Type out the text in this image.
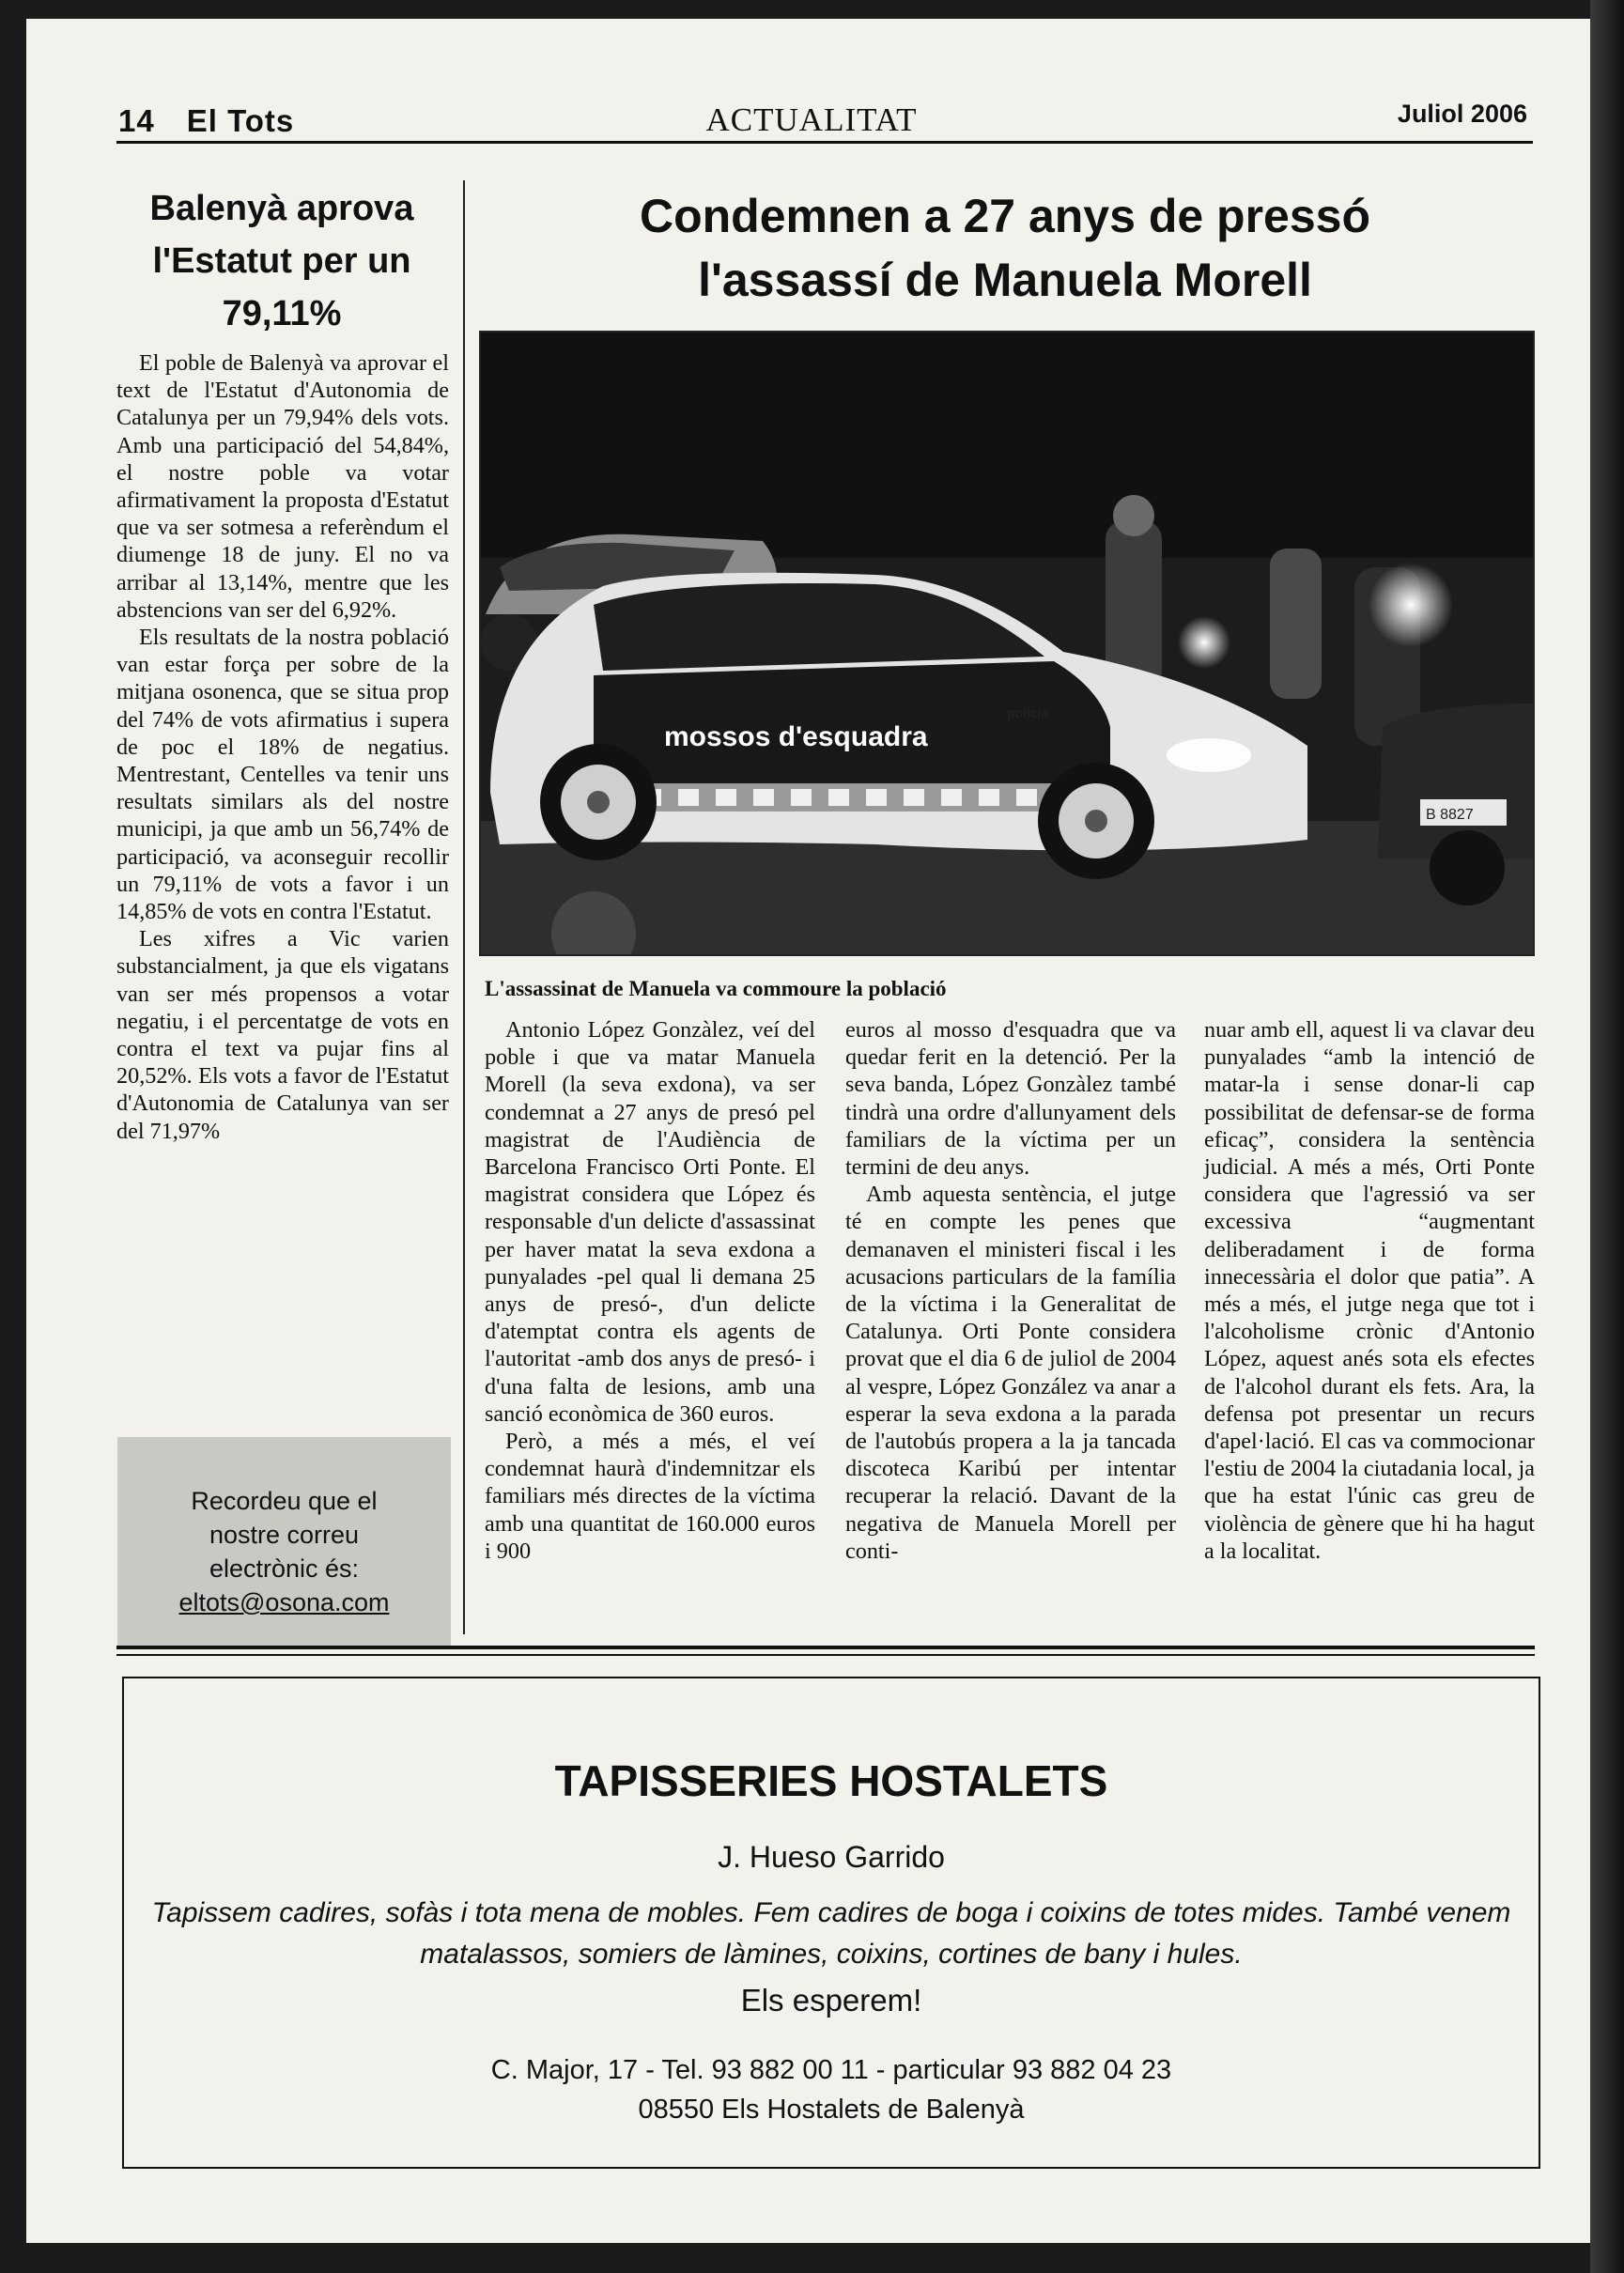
14 El Tots	ACTUALITAT	Juliol 2006
Balenyà aprova l'Estatut per un 79,11%

El poble de Balenyà va aprovar el text de l'Estatut d'Autonomia de Catalunya per un 79,94% dels vots. Amb una participació del 54,84%, el nostre poble va votar afirmativament la proposta d'Estatut que va ser sotmesa a referèndum el diumenge 18 de juny. El no va arribar al 13,14%, mentre que les abstencions van ser del 6,92%.

Els resultats de la nostra població van estar força per sobre de la mitjana osonenca, que se situa prop del 74% de vots afirmatius i supera de poc el 18% de negatius. Mentrestant, Centelles va tenir uns resultats similars als del nostre municipi, ja que amb un 56,74% de participació, va aconseguir recollir un 79,11% de vots a favor i un 14,85% de vots en contra l'Estatut.

Les xifres a Vic varien substancialment, ja que els vigatans van ser més propensos a votar negatiu, i el percentatge de vots en contra el text va pujar fins al 20,52%. Els vots a favor de l'Estatut d'Autonomia de Catalunya van ser del 71,97%

Recordeu que el
nostre correu
electrònic és:
eltots@osona.com
Condemnen a 27 anys de pressó
l'assassí de Manuela Morell
mossos d'esquadra
policia
B 8827
L'assassinat de Manuela va commoure la població

Antonio López Gonzàlez, veí del poble i que va matar Manuela Morell (la seva exdona), va ser condemnat a 27 anys de presó pel magistrat de l'Audiència de Barcelona Francisco Orti Ponte. El magistrat considera que López és responsable d'un delicte d'assassinat per haver matat la seva exdona a punyalades -pel qual li demana 25 anys de presó-, d'un delicte d'atemptat contra els agents de l'autoritat -amb dos anys de presó- i d'una falta de lesions, amb una sanció econòmica de 360 euros.

Però, a més a més, el veí condemnat haurà d'indemnitzar els familiars més directes de la víctima amb una quantitat de 160.000 euros i 900

euros al mosso d'esquadra que va quedar ferit en la detenció. Per la seva banda, López Gonzàlez també tindrà una ordre d'allunyament dels familiars de la víctima per un termini de deu anys.

Amb aquesta sentència, el jutge té en compte les penes que demanaven el ministeri fiscal i les acusacions particulars de la família de la víctima i la Generalitat de Catalunya. Orti Ponte considera provat que el dia 6 de juliol de 2004 al vespre, López González va anar a esperar la seva exdona a la parada de l'autobús propera a la ja tancada discoteca Karibú per intentar recuperar la relació. Davant de la negativa de Manuela Morell per conti-

nuar amb ell, aquest li va clavar deu punyalades “amb la intenció de matar-la i sense donar-li cap possibilitat de defensar-se de forma eficaç”, considera la sentència judicial. A més a més, Orti Ponte considera que l'agressió va ser excessiva “augmentant deliberadament i de forma innecessària el dolor que patia”. A més a més, el jutge nega que tot i l'alcoholisme crònic d'Antonio López, aquest anés sota els efectes de l'alcohol durant els fets. Ara, la defensa pot presentar un recurs d'apel·lació. El cas va commocionar l'estiu de 2004 la ciutadania local, ja que ha estat l'únic cas greu de violència de gènere que hi ha hagut a la localitat.

TAPISSERIES HOSTALETS
J. Hueso Garrido
Tapissem cadires, sofàs i tota mena de mobles. Fem cadires de boga i coixins de totes mides. També venem matalassos, somiers de làmines, coixins, cortines de bany i hules.
Els esperem!
C. Major, 17 - Tel. 93 882 00 11 - particular 93 882 04 23
08550 Els Hostalets de Balenyà
